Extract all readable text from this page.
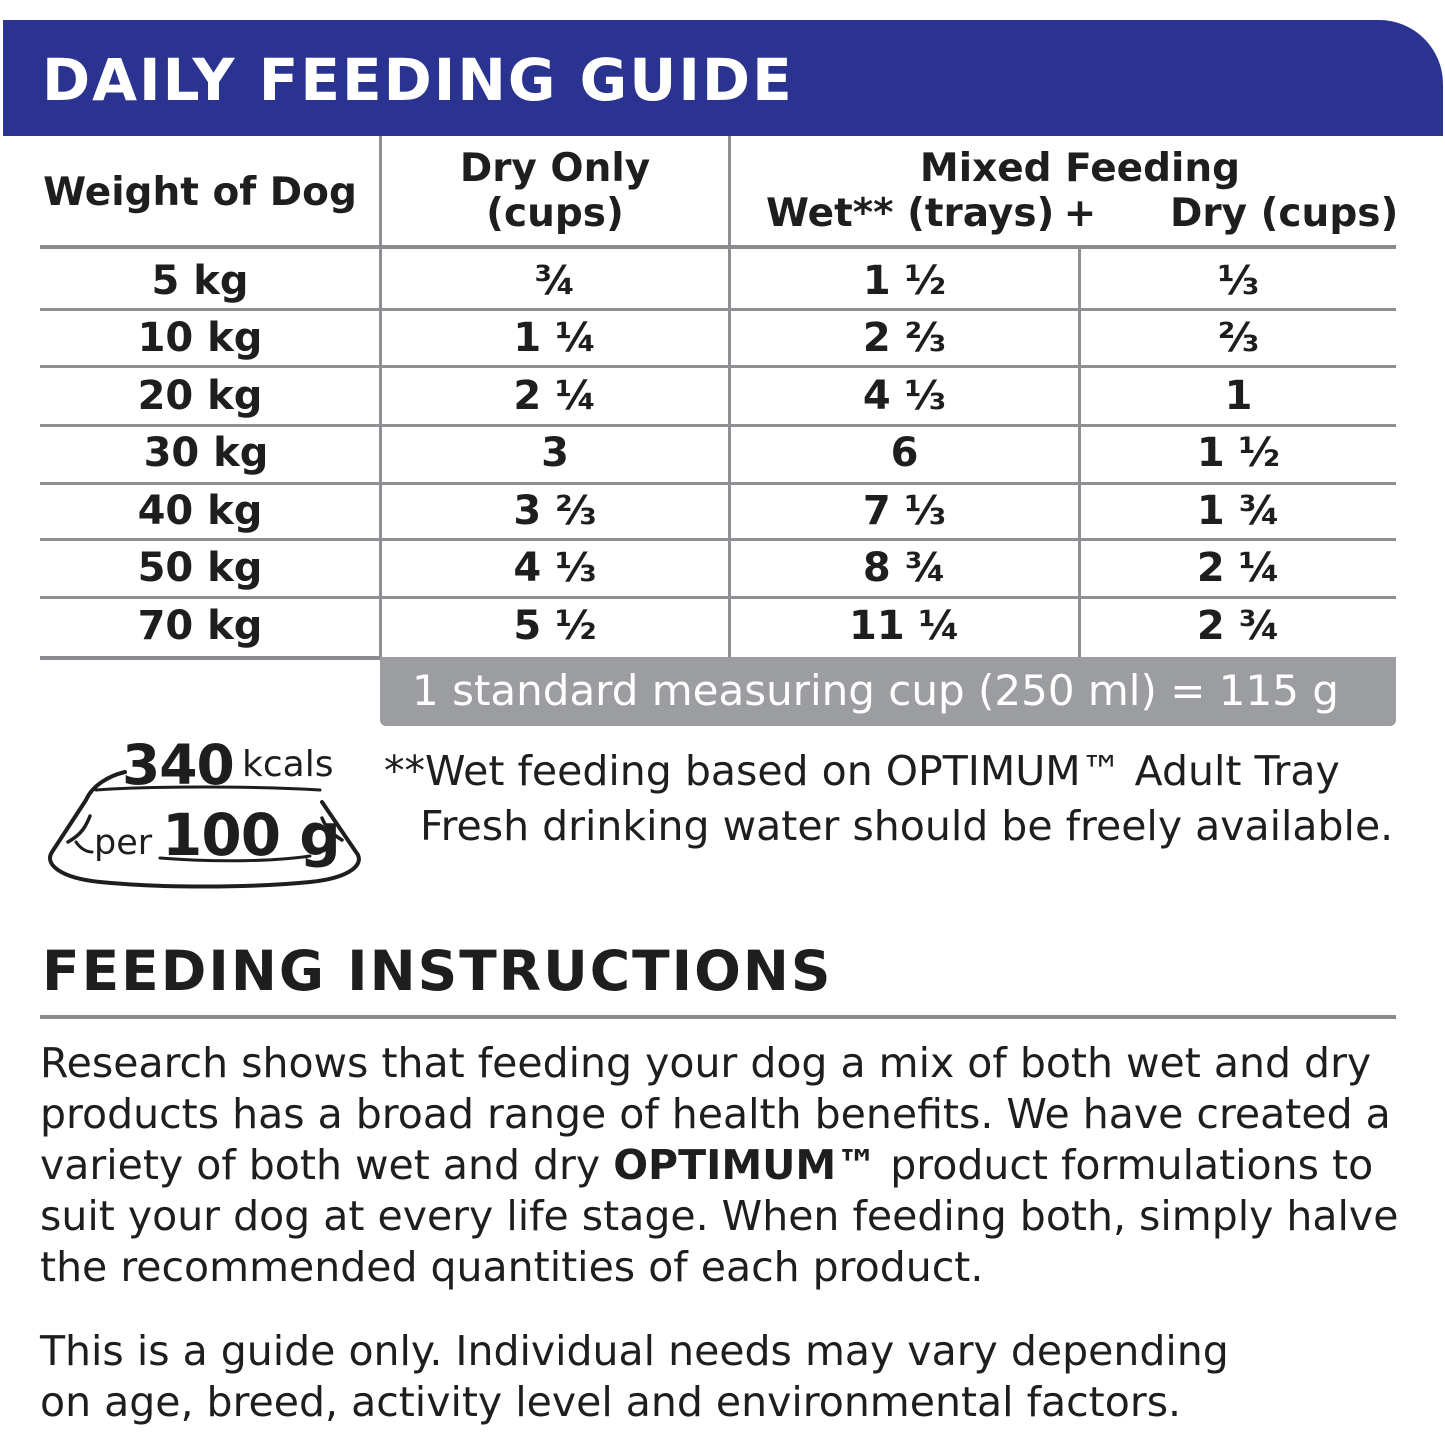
DAILY FEEDING GUIDE
Weight of Dog
Dry Only
(cups)
Mixed Feeding
Wet** (trays) + Dry (cups)
5 kg	¾	1 ½	⅓
10 kg	1 ¼	2 ⅔	⅔
20 kg	2 ¼	4 ⅓	1
30 kg	3	6	1 ½
40 kg	3 ⅔	7 ⅓	1 ¾
50 kg	4 ⅓	8 ¾	2 ¼
70 kg	5 ½	11 ¼	2 ¾
1 standard measuring cup (250 ml) = 115 g
340 kcals
per 100 g
**Wet feeding based on OPTIMUM™ Adult Tray
Fresh drinking water should be freely available.
FEEDING INSTRUCTIONS
Research shows that feeding your dog a mix of both wet and dry products has a broad range of health benefits. We have created a variety of both wet and dry OPTIMUM™ product formulations to suit your dog at every life stage. When feeding both, simply halve the recommended quantities of each product.
This is a guide only. Individual needs may vary depending on age, breed, activity level and environmental factors.
